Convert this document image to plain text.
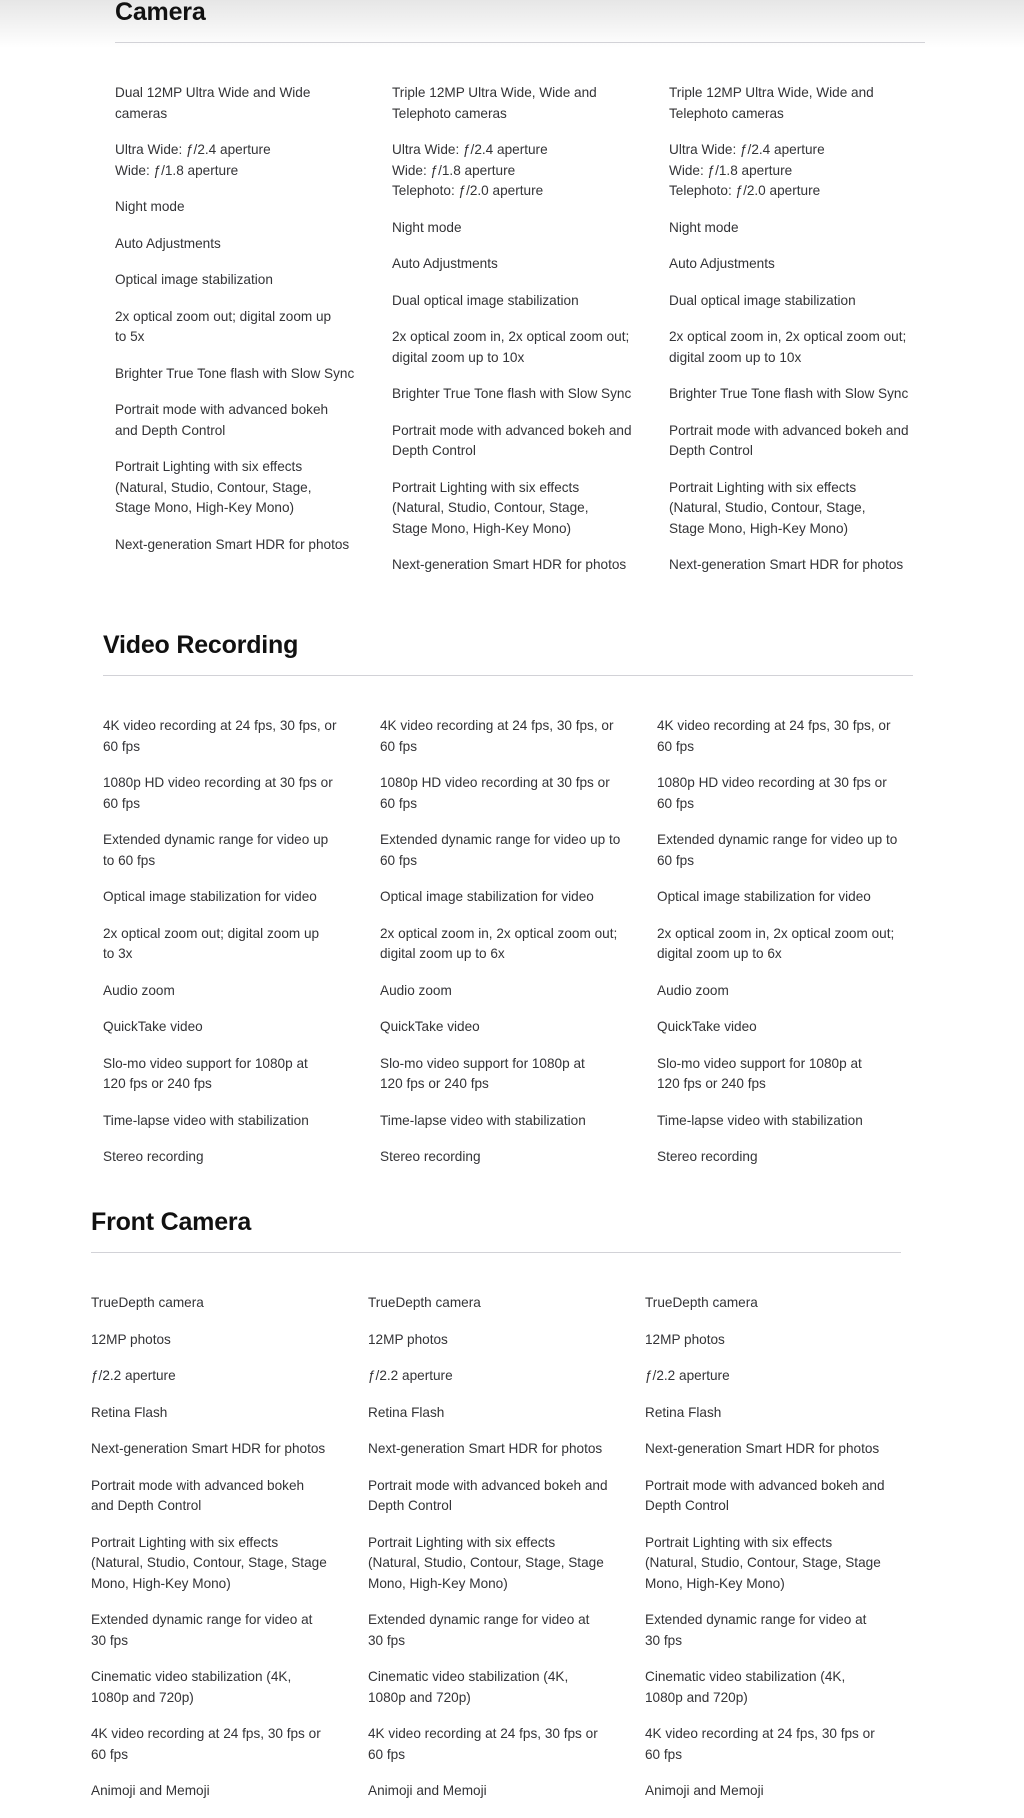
Camera
Dual 12MP Ultra Wide and Wide
cameras
Ultra Wide: ƒ/2.4 aperture
Wide: ƒ/1.8 aperture
Night mode
Auto Adjustments
Optical image stabilization
2x optical zoom out; digital zoom up
to 5x
Brighter True Tone flash with Slow Sync
Portrait mode with advanced bokeh
and Depth Control
Portrait Lighting with six effects
(Natural, Studio, Contour, Stage,
Stage Mono, High-Key Mono)
Next-generation Smart HDR for photos
Triple 12MP Ultra Wide, Wide and
Telephoto cameras
Ultra Wide: ƒ/2.4 aperture
Wide: ƒ/1.8 aperture
Telephoto: ƒ/2.0 aperture
Night mode
Auto Adjustments
Dual optical image stabilization
2x optical zoom in, 2x optical zoom out;
digital zoom up to 10x
Brighter True Tone flash with Slow Sync
Portrait mode with advanced bokeh and
Depth Control
Portrait Lighting with six effects
(Natural, Studio, Contour, Stage,
Stage Mono, High-Key Mono)
Next-generation Smart HDR for photos
Triple 12MP Ultra Wide, Wide and
Telephoto cameras
Ultra Wide: ƒ/2.4 aperture
Wide: ƒ/1.8 aperture
Telephoto: ƒ/2.0 aperture
Night mode
Auto Adjustments
Dual optical image stabilization
2x optical zoom in, 2x optical zoom out;
digital zoom up to 10x
Brighter True Tone flash with Slow Sync
Portrait mode with advanced bokeh and
Depth Control
Portrait Lighting with six effects
(Natural, Studio, Contour, Stage,
Stage Mono, High-Key Mono)
Next-generation Smart HDR for photos
Video Recording
4K video recording at 24 fps, 30 fps, or
60 fps
1080p HD video recording at 30 fps or
60 fps
Extended dynamic range for video up
to 60 fps
Optical image stabilization for video
2x optical zoom out; digital zoom up
to 3x
Audio zoom
QuickTake video
Slo-mo video support for 1080p at
120 fps or 240 fps
Time-lapse video with stabilization
Stereo recording
4K video recording at 24 fps, 30 fps, or
60 fps
1080p HD video recording at 30 fps or
60 fps
Extended dynamic range for video up to
60 fps
Optical image stabilization for video
2x optical zoom in, 2x optical zoom out;
digital zoom up to 6x
Audio zoom
QuickTake video
Slo-mo video support for 1080p at
120 fps or 240 fps
Time-lapse video with stabilization
Stereo recording
4K video recording at 24 fps, 30 fps, or
60 fps
1080p HD video recording at 30 fps or
60 fps
Extended dynamic range for video up to
60 fps
Optical image stabilization for video
2x optical zoom in, 2x optical zoom out;
digital zoom up to 6x
Audio zoom
QuickTake video
Slo-mo video support for 1080p at
120 fps or 240 fps
Time-lapse video with stabilization
Stereo recording
Front Camera
TrueDepth camera
12MP photos
ƒ/2.2 aperture
Retina Flash
Next-generation Smart HDR for photos
Portrait mode with advanced bokeh
and Depth Control
Portrait Lighting with six effects
(Natural, Studio, Contour, Stage, Stage
Mono, High-Key Mono)
Extended dynamic range for video at
30 fps
Cinematic video stabilization (4K,
1080p and 720p)
4K video recording at 24 fps, 30 fps or
60 fps
Animoji and Memoji
TrueDepth camera
12MP photos
ƒ/2.2 aperture
Retina Flash
Next-generation Smart HDR for photos
Portrait mode with advanced bokeh and
Depth Control
Portrait Lighting with six effects
(Natural, Studio, Contour, Stage, Stage
Mono, High-Key Mono)
Extended dynamic range for video at
30 fps
Cinematic video stabilization (4K,
1080p and 720p)
4K video recording at 24 fps, 30 fps or
60 fps
Animoji and Memoji
TrueDepth camera
12MP photos
ƒ/2.2 aperture
Retina Flash
Next-generation Smart HDR for photos
Portrait mode with advanced bokeh and
Depth Control
Portrait Lighting with six effects
(Natural, Studio, Contour, Stage, Stage
Mono, High-Key Mono)
Extended dynamic range for video at
30 fps
Cinematic video stabilization (4K,
1080p and 720p)
4K video recording at 24 fps, 30 fps or
60 fps
Animoji and Memoji
